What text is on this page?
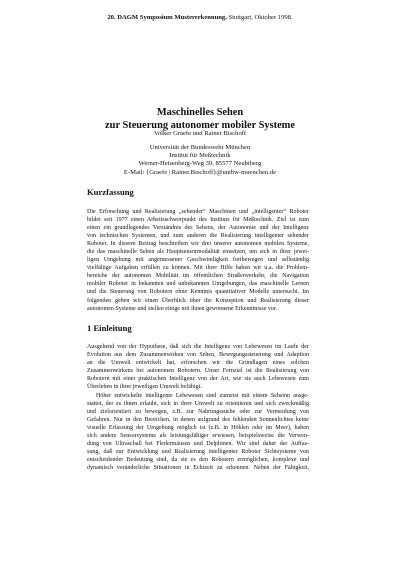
20. DAGM Symposium Mustererkennung, Stuttgart, Oktober 1998.
Maschinelles Sehen
zur Steuerung autonomer mobiler Systeme
Volker Graefe und Rainer Bischoff
Universität der Bundeswehr München
Institut für Meßtechnik
Werner-Heisenberg-Weg 39, 85577 Neubiberg
E-Mail: {Graefe | Rainer.Bischoff}@unibw-muenchen.de
Kurzfassung
Die Erforschung und Realisierung „sehender“ Maschinen und „intelligenter“ Roboter
bildet seit 1977 einen Arbeitsschwerpunkt des Instituts für Meßtechnik. Ziel ist zum
einen ein grundlegendes Verständnis des Sehens, der Autonomie und der Intelligenz
von technischen Systemen, und zum anderen die Realisierung intelligenter sehender
Roboter. In diesem Beitrag beschreiben wir drei unserer autonomen mobilen Systeme,
die das maschinelle Sehen als Hauptsensormodalität einsetzen, um sich in ihrer jewei-
ligen Umgebung mit angemessener Geschwindigkeit fortbewegen und selbständig
vielfältige Aufgaben erfüllen zu können. Mit ihrer Hilfe haben wir u.a. die Problem-
bereiche der autonomen Mobilität im öffentlichen Straßenverkehr, die Navigation
mobiler Roboter in bekannten und unbekannten Umgebungen, das maschinelle Lernen
und die Steuerung von Robotern ohne Kenntnis quantitativer Modelle untersucht. Im
folgenden geben wir einen Überblick über die Konzeption und Realisierung dieser
autonomen Systeme und stellen einige mit ihnen gewonnene Erkenntnisse vor.
1 Einleitung
Ausgehend von der Hypothese, daß sich die Intelligenz von Lebewesen im Laufe der
Evolution aus dem Zusammenwirken von Sehen, Bewegungssteuerung und Adaption
an die Umwelt entwickelt hat, erforschen wir die Grundlagen eines solchen
Zusammenwirkens bei autonomen Robotern. Unser Fernziel ist die Realisierung von
Robotern mit einer praktischen Intelligenz von der Art, wie sie auch Lebewesen zum
Überleben in ihrer jeweiligen Umwelt befähigt.
Höher entwickelte intelligente Lebewesen sind zumeist mit einem Sehsinn ausge-
stattet, der es ihnen erlaubt, sich in ihrer Umwelt zu orientieren und sich zweckmäßig
und zielorientiert zu bewegen, z.B. zur Nahrungssuche oder zur Vermeidung von
Gefahren. Nur in den Bereichen, in denen aufgrund des fehlenden Sonnenlichtes keine
visuelle Erfassung der Umgebung möglich ist (z.B. in Höhlen oder im Meer), haben
sich andere Sensorsysteme als leistungsfähiger erwiesen, beispielsweise die Verwen-
dung von Ultraschall bei Fledermäusen und Delphinen. Wir sind daher der Auffas-
sung, daß zur Entwicklung und Realisierung intelligenter Roboter Sichtsysteme von
entscheidender Bedeutung sind, da sie es den Robotern ermöglichen, komplexe und
dynamisch veränderliche Situationen in Echtzeit zu erkennen. Neben der Fähigkeit,
